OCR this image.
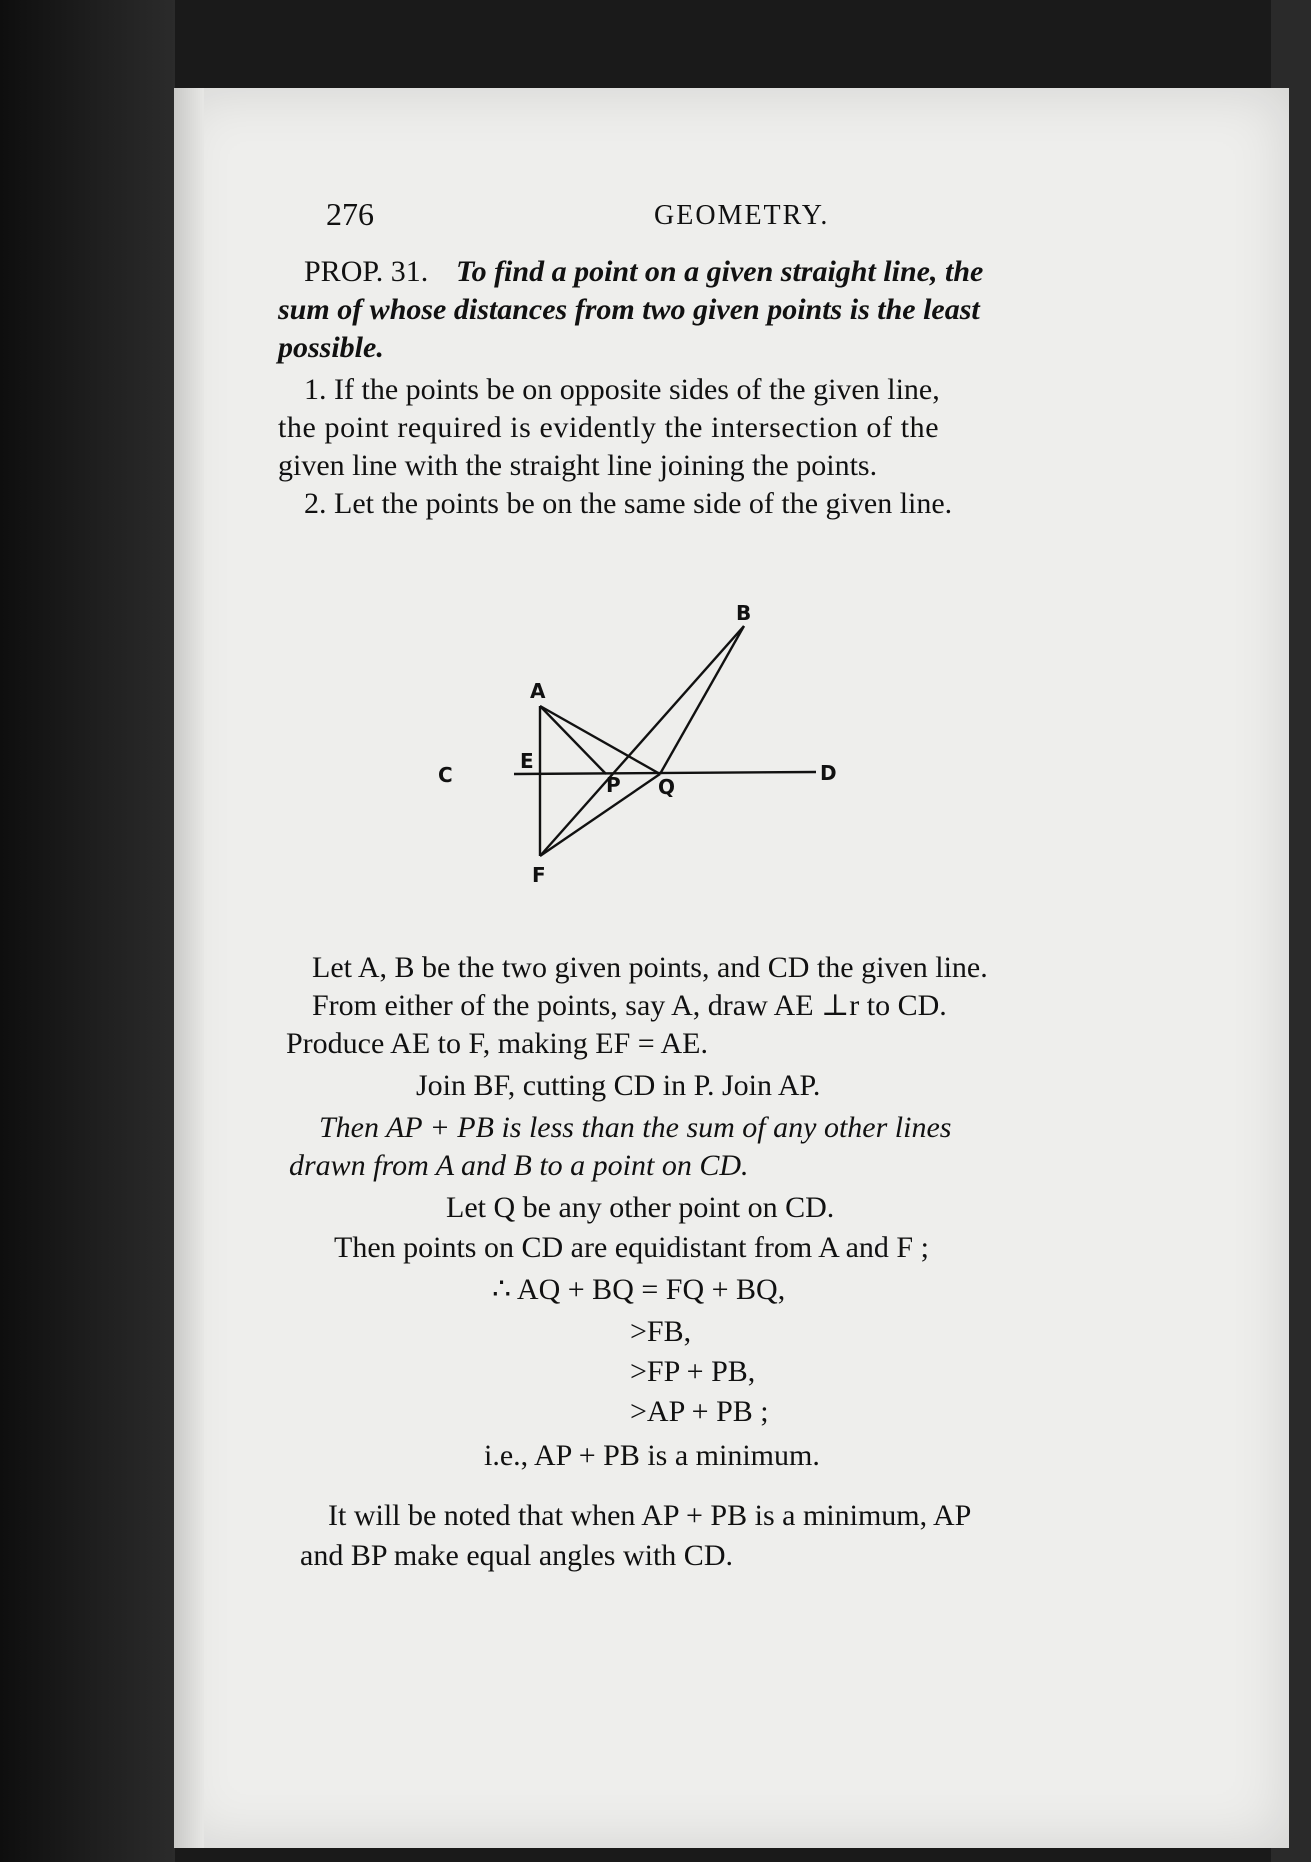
276	GEOMETRY.
PROP. 31. To find a point on a given straight line, the
sum of whose distances from two given points is the least
possible.
1. If the points be on opposite sides of the given line,
the point required is evidently the intersection of the
given line with the straight line joining the points.
2. Let the points be on the same side of the given line.
B
A
C
E
P Q
D
F
Let A, B be the two given points, and CD the given line.
From either of the points, say A, draw AE ⊥r to CD.
Produce AE to F, making EF = AE.
Join BF, cutting CD in P. Join AP.
Then AP + PB is less than the sum of any other lines
drawn from A and B to a point on CD.
Let Q be any other point on CD.
Then points on CD are equidistant from A and F ;
∴ AQ + BQ = FQ + BQ,
>FB,
>FP + PB,
>AP + PB ;
i.e., AP + PB is a minimum.
It will be noted that when AP + PB is a minimum, AP
and BP make equal angles with CD.
